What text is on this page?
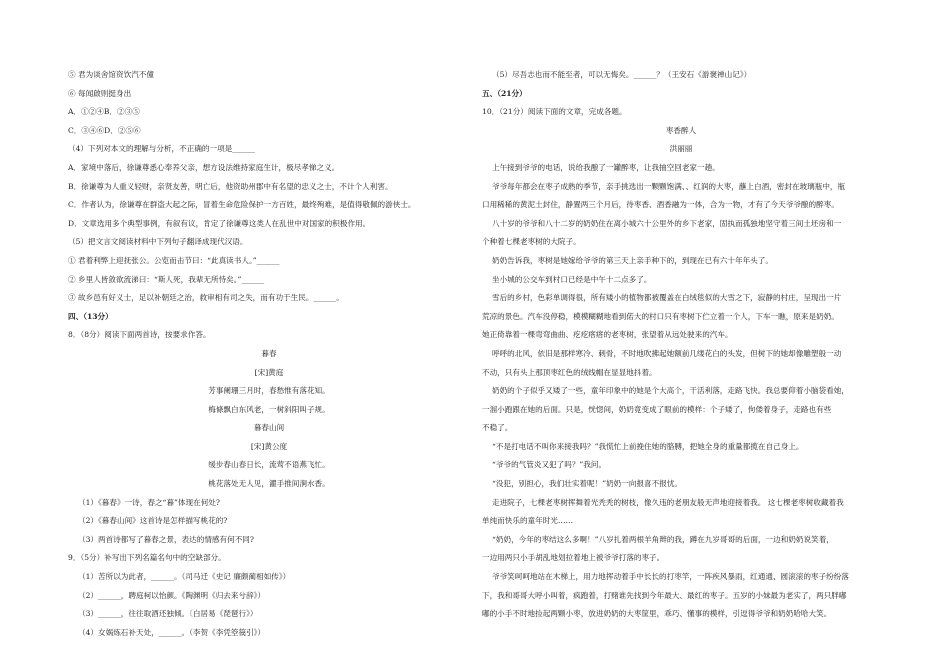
⑤ 君为谈舍馆资饮汽不僮
⑥ 每闻啟则挺身出
A．①②④B．②③⑤
C．③④⑥D．②⑤⑥
（4）下列对本文的理解与分析，不正确的一项是______
A．家境中落后，徐谦尊悉心奉养父亲，想方设法维持家庭生计，极尽孝悌之义。
B．徐谦尊为人重义轻财，亲贤友善，明亡后，他资助州郡中有名望的忠义之士，不计个人利害。
C．作者认为，徐谦尊在群盗大起之际，冒着生命危险保护一方百姓，最终殉难，是值得敬佩的游侠士。
D．文章选用多个典型事例，有叙有议，肯定了徐谦尊这类人在乱世中对国家的积极作用。
（5）把文言文阅读材料中下列句子翻译成现代汉语。
① 君着利弊上迎抚张公。公览而击节曰：“此真读书人。”______
② 乡里人皆敛欲流涕曰：“斯人死，我辈无所恃矣。”______
③ 故乡邑有好义士，足以补朝廷之治，救审相有司之失，而有功于生民。______。
四、（13分）
8．（8分）阅读下面两首诗，按要求作答。
暮春
[宋]黄庭
芳事阑珊三月时，春愁惟有落花知。
梅條飘白东风老，一树斜阳叫子规。
暮春山间
[宋]黄公度
缓步春山春日长，流莺不语燕飞忙。
桃花落处无人见，濯手推间涧水香。
（1）《暮春》一诗，春之“暮”体现在何处?
（2）《暮春山间》这首诗是怎样描写桃花的?
（3）两首诗都写了暮春之景，表达的情感有何不同?
9．（5分）补写出下列名篇名句中的空缺部分。
（1）苦所以为此者，______。（司马迁《史记 廉颇蔺相如传》）
（2）______，聘庭柯以怡颜。《陶渊明《归去来兮辞》）
（3）______，往往取酒还独倾。〔白居易《琵琶行》）
（4）女娲炼石补天处，______。（李贺《李凭箜篌引》）
（5）尽吾志也而不能至者，可以无悔矣。______？（王安石《游褒禅山记》）
五、（21分）
10．（21分）阅读下面的文章，完成各题。
枣香醉人
洪丽丽
上午接到爷爷的电话，说给我酿了一罐醉枣，让我抽空回老家一趟。
爷爷每年都会在枣子成熟的季节，亲手挑选出一颗颗饱满、、红润的大枣，蘸上白酒，密封在玻璃瓶中，瓶
口用稀稀的黄泥土封住，静置两三个月后，待枣香、酒香融为一体，合为一物，才有了今天爷爷酿的醉枣。
八十岁的爷爷和八十二岁的奶奶住在离小城六十公里外的乡下老家，固执而孤独地坚守着三间土坯房和一
个种着七棵老枣树的大院子。
奶奶告诉我，枣树是她嫁给爷爷的第三天上亲手种下的，到现在已有六十年年头了。
坐小城的公交车到村口已经是中午十二点多了。
雪后的乡村，色彩单调得很，所有矮小的植物都被覆盖在白绒毯似的大雪之下，寂静的村庄，呈现出一片
荒凉的景色。汽车没停稳，模模糊糊地看到偌大的村口只有枣树下伫立着一个人，下车一瞧，原来是奶奶。
她正倚靠着一棵弯弯曲曲、疙疙瘩瘩的老枣树，张望着从远处驶来的汽车。
呼呼的北风，依旧是那样寒冷、刺骨，不时地吹拂起她额前几缕花白的头发，但树下的她却像雕塑般一动
不动，只有头上那顶枣红色的绒线帽在显显地抖着。
奶奶的个子似乎又矮了一些，童年印象中的她是个大高个，干活利落，走路飞快。我总要仰着小脑袋看她，
一溜小跑跟在她的后面。只是，恍惚间，奶奶竟变成了眼前的模样：个子矮了，佝偻着身子，走路也有些
不稳了。
“不是打电话不叫你来接我吗？”我慌忙上前挽住她的胳膊，把她全身的重量都揽在自己身上。
“爷爷的气管炎又犯了吗？”我问。
“没犯，别担心，我们壮实着呢！”奶奶一向报喜不报忧。
走进院子，七棵老枣树挥舞着光秃秃的树枝，像久违的老朋友般无声地迎接着我。 这七棵老枣树收藏着我
单纯而快乐的童年时光……
“奶奶，今年的枣结这么多啊！”八岁扎着两根羊角辫的我，蹲在九岁哥哥的后面，一边和奶奶说笑着，
一边用两只小手胡乱地划拉着地上被爷爷打落的枣子。
爷爷笑呵呵地站在木梯上，用力地挥动着手中长长的打枣竿，一阵疾风暴雨，红通通、圆滚滚的枣子纷纷落
下，我和哥哥大呼小叫着，疯跑着，打赌谁先找到今年最大、最红的枣子。五岁的小妹最为老实了，两只胖嘟
嘟的小手不时地捡起两颗小枣，放进奶奶的大枣筐里，乖巧、懂事的模样，引逗得爷爷和奶奶哈哈大笑。
